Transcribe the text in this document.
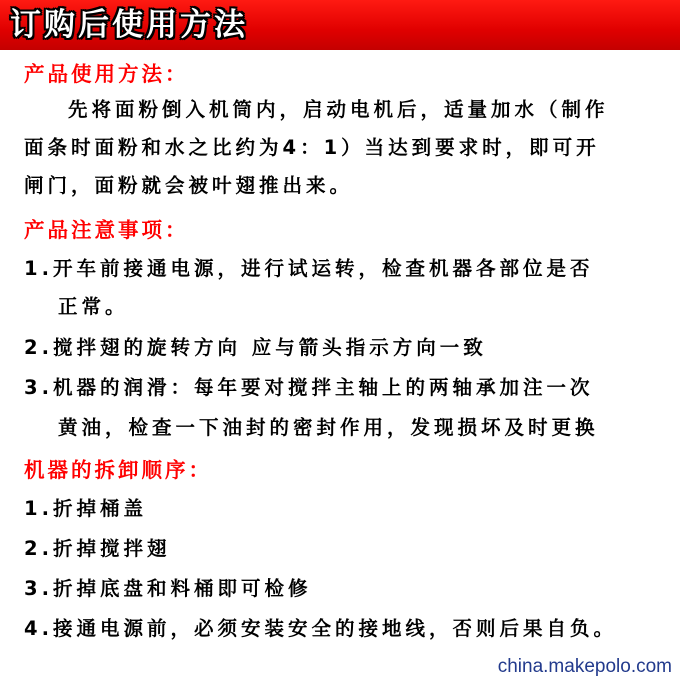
订购后使用方法
产品使用方法：
先将面粉倒入机筒内，启动电机后，适量加水（制作
面条时面粉和水之比约为4：1）当达到要求时，即可开
闸门，面粉就会被叶翅推出来。
产品注意事项：
1.开车前接通电源，进行试运转，检查机器各部位是否
正常。
2.搅拌翅的旋转方向 应与箭头指示方向一致
3.机器的润滑：每年要对搅拌主轴上的两轴承加注一次
黄油，检查一下油封的密封作用，发现损坏及时更换
机器的拆卸顺序：
1.折掉桶盖
2.折掉搅拌翅
3.折掉底盘和料桶即可检修
4.接通电源前，必须安装安全的接地线，否则后果自负。
china.makepolo.com
